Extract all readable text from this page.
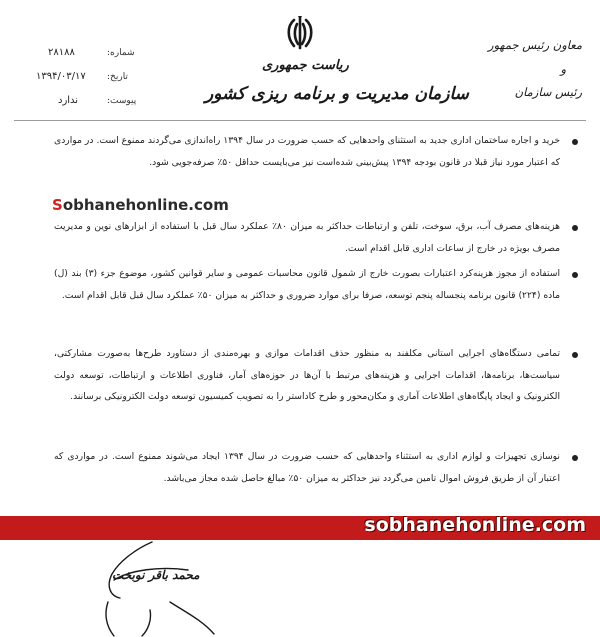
ریاست جمهوری
سازمان مدیریت و برنامه ریزی کشور
معاون رئیس جمهور
و
رئیس سازمان
شماره:
۲۸۱۸۸
تاریخ:
۱۳۹۴/۰۳/۱۷
پیوست:
ندارد
خرید و اجاره ساختمان اداری جدید به استثنای واحدهایی که حسب ضرورت در سال ۱۳۹۴ راه‌اندازی می‌گردند ممنوع است. در مواردی که اعتبار مورد نیاز قبلا در قانون بودجه ۱۳۹۴ پیش‌بینی شده‌است نیز می‌بایست حداقل ۵۰٪ صرفه‌جویی شود.
Sobhanehonline.com
هزینه‌های مصرف آب، برق، سوخت، تلفن و ارتباطات حداکثر به میزان ۸۰٪ عملکرد سال قبل با استفاده از ابزارهای نوین و مدیریت مصرف بویژه در خارج از ساعات اداری قابل اقدام است.
استفاده از مجوز هزینه‌کرد اعتبارات بصورت خارج از شمول قانون محاسبات عمومی و سایر قوانین کشور، موضوع جزء (۳) بند (ل) ماده (۲۲۴) قانون برنامه پنجساله پنجم توسعه، صرفا برای موارد ضروری و حداکثر به میزان ۵۰٪ عملکرد سال قبل قابل اقدام است.
تمامی دستگاه‌های اجرایی استانی مکلفند به منظور حذف اقدامات موازی و بهره‌مندی از دستاورد طرح‌ها به‌صورت مشارکتی، سیاست‌ها، برنامه‌ها، اقدامات اجرایی و هزینه‌های مرتبط با آن‌ها در حوزه‌های آمار، فناوری اطلاعات و ارتباطات، توسعه دولت الکترونیک و ایجاد پایگاه‌های اطلاعات آماری و مکان‌محور و طرح کاداستر را به تصویب کمیسیون توسعه دولت الکترونیکی برسانند.
نوسازی تجهیزات و لوازم اداری به استثناء واحدهایی که حسب ضرورت در سال ۱۳۹۴ ایجاد می‌شوند ممنوع است. در مواردی که اعتبار آن از طریق فروش اموال تامین می‌گردد نیز حداکثر به میزان ۵۰٪ مبالغ حاصل شده مجاز می‌باشد.
sobhanehonline.com
محمد باقر نوبخت
